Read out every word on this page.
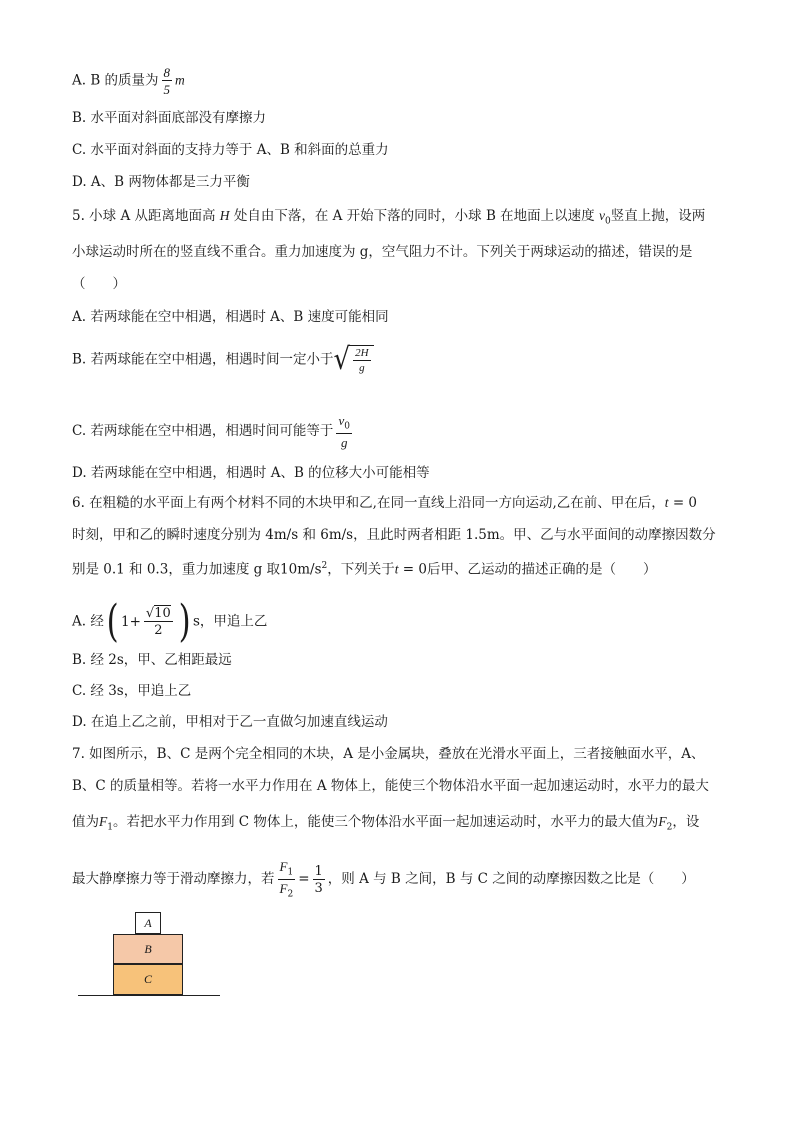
A. B 的质量为 $\frac{8}{5}$ m
B. 水平面对斜面底部没有摩擦力
C. 水平面对斜面的支持力等于 A、B 和斜面的总重力
D. A、B 两物体都是三力平衡
5. 小球 A 从距离地面高 H 处自由下落，在 A 开始下落的同时，小球 B 在地面上以速度 $v_0$竖直上抛，设两
小球运动时所在的竖直线不重合。重力加速度为 g，空气阻力不计。下列关于两球运动的描述，错误的是
（　　）
A. 若两球能在空中相遇，相遇时 A、B 速度可能相同
B. 若两球能在空中相遇，相遇时间一定小于 √ $\frac{2H}{g}$
C. 若两球能在空中相遇，相遇时间可能等于 $\frac{v_0}{g}$
D. 若两球能在空中相遇，相遇时 A、B 的位移大小可能相等
6. 在粗糙的水平面上有两个材料不同的木块甲和乙,在同一直线上沿同一方向运动,乙在前、甲在后，t = 0
时刻，甲和乙的瞬时速度分别为 4m/s 和 6m/s，且此时两者相距 1.5m。甲、乙与水平面间的动摩擦因数分
别是 0.1 和 0.3，重力加速度 g 取$10m/s^2$，下列关于t = 0后甲、乙运动的描述正确的是（　　）
A. 经 ( $1+ \frac{√10}{2}$ ) s，甲追上乙
B. 经 2s，甲、乙相距最远
C. 经 3s，甲追上乙
D. 在追上乙之前，甲相对于乙一直做匀加速直线运动
7. 如图所示，B、C 是两个完全相同的木块，A 是小金属块，叠放在光滑水平面上，三者接触面水平，A、
B、C 的质量相等。若将一水平力作用在 A 物体上，能使三个物体沿水平面一起加速运动时，水平力的最大
值为$F_1$。若把水平力作用到 C 物体上，能使三个物体沿水平面一起加速运动时，水平力的最大值为$F_2$，设
最大静摩擦力等于滑动摩擦力，若 $\frac{F_1}{F_2} = \frac{1}{3}$ ，则 A 与 B 之间，B 与 C 之间的动摩擦因数之比是（　　）
A
B
C
